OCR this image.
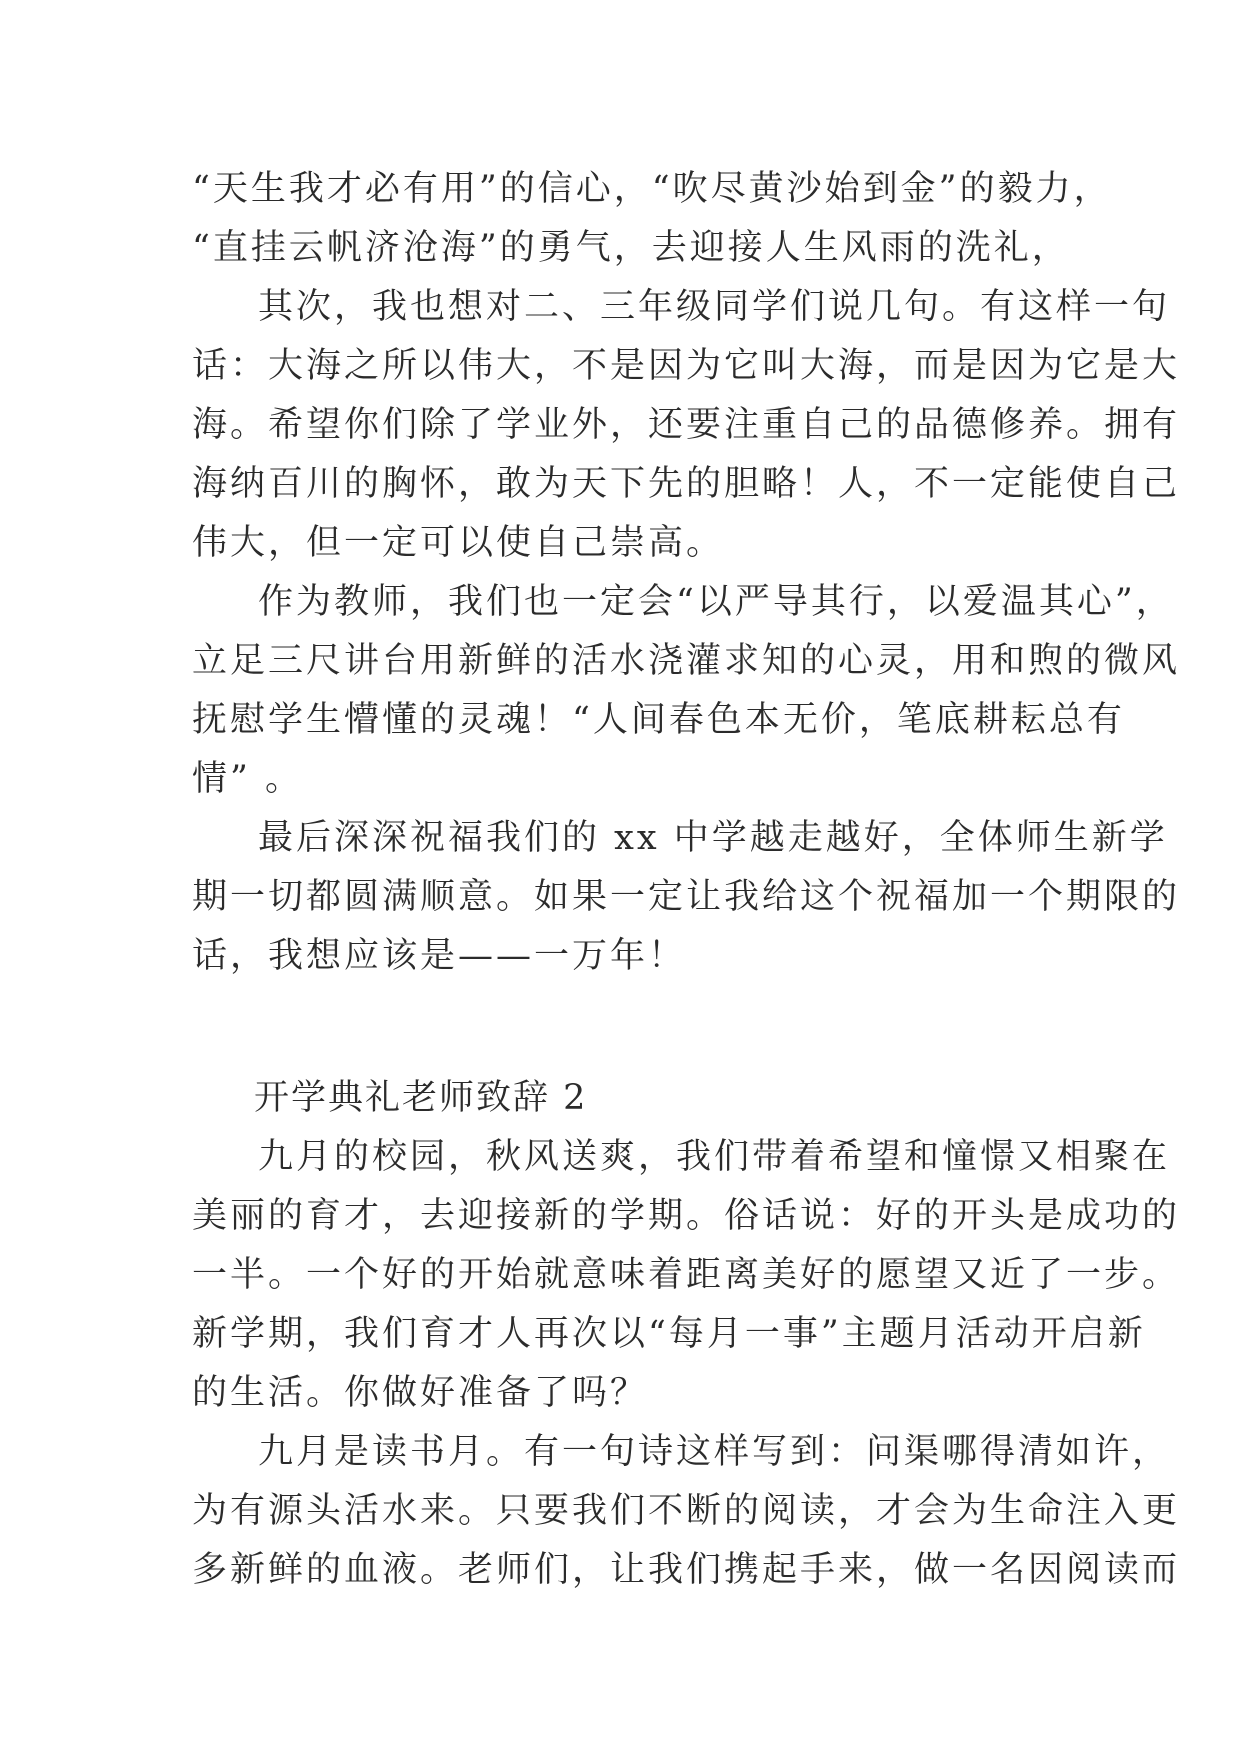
“天生我才必有用”的信心，“吹尽黄沙始到金”的毅力，
“直挂云帆济沧海”的勇气，去迎接人生风雨的洗礼，
其次，我也想对二、三年级同学们说几句。有这样一句
话：大海之所以伟大，不是因为它叫大海，而是因为它是大
海。希望你们除了学业外，还要注重自己的品德修养。拥有
海纳百川的胸怀，敢为天下先的胆略！人，不一定能使自己
伟大，但一定可以使自己崇高。
作为教师，我们也一定会“以严导其行，以爱温其心”，
立足三尺讲台用新鲜的活水浇灌求知的心灵，用和煦的微风
抚慰学生懵懂的灵魂！“人间春色本无价，笔底耕耘总有
情” 。
最后深深祝福我们的 xx 中学越走越好，全体师生新学
期一切都圆满顺意。如果一定让我给这个祝福加一个期限的
话，我想应该是——一万年！
开学典礼老师致辞 2
九月的校园，秋风送爽，我们带着希望和憧憬又相聚在
美丽的育才，去迎接新的学期。俗话说：好的开头是成功的
一半。一个好的开始就意味着距离美好的愿望又近了一步。
新学期，我们育才人再次以“每月一事”主题月活动开启新
的生活。你做好准备了吗？
九月是读书月。有一句诗这样写到：问渠哪得清如许，
为有源头活水来。只要我们不断的阅读，才会为生命注入更
多新鲜的血液。老师们，让我们携起手来，做一名因阅读而
